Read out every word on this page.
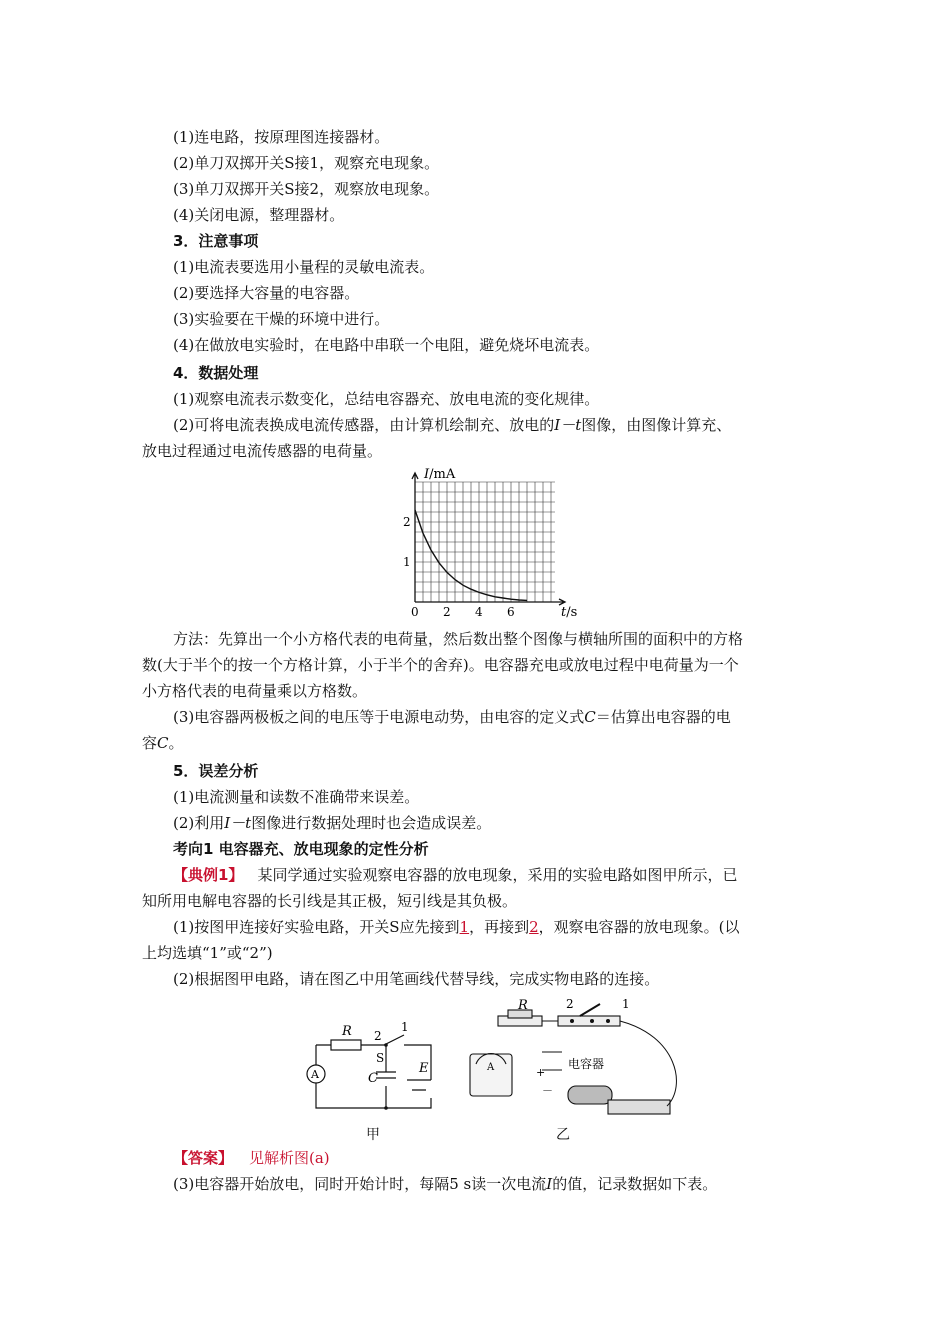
(1)连电路，按原理图连接器材。
(2)单刀双掷开关S接1，观察充电现象。
(3)单刀双掷开关S接2，观察放电现象。
(4)关闭电源，整理器材。
3．注意事项
(1)电流表要选用小量程的灵敏电流表。
(2)要选择大容量的电容器。
(3)实验要在干燥的环境中进行。
(4)在做放电实验时，在电路中串联一个电阻，避免烧坏电流表。
4．数据处理
(1)观察电流表示数变化，总结电容器充、放电电流的变化规律。
(2)可将电流表换成电流传感器，由计算机绘制充、放电的I－t图像，由图像计算充、
放电过程通过电流传感器的电荷量。
0 2 4 6
1
2
I/mA
t/s
方法：先算出一个小方格代表的电荷量，然后数出整个图像与横轴所围的面积中的方格
数(大于半个的按一个方格计算，小于半个的舍弃)。电容器充电或放电过程中电荷量为一个
小方格代表的电荷量乘以方格数。
(3)电容器两极板之间的电压等于电源电动势，由电容的定义式C＝估算出电容器的电
容C。
5．误差分析
(1)电流测量和读数不准确带来误差。
(2)利用I－t图像进行数据处理时也会造成误差。
考向1 电容器充、放电现象的定性分析
【典例1】 某同学通过实验观察电容器的放电现象，采用的实验电路如图甲所示，已
知所用电解电容器的长引线是其正极，短引线是其负极。
(1)按图甲连接好实验电路，开关S应先接到1，再接到2，观察电容器的放电现象。(以
上均选填“1”或“2”)
(2)根据图甲电路，请在图乙中用笔画线代替导线，完成实物电路的连接。
R 2
1
S
C
E
A
甲
R	2	1
电容器
A	+
－
乙
【答案】 见解析图(a)
(3)电容器开始放电，同时开始计时，每隔5 s读一次电流I的值，记录数据如下表。
